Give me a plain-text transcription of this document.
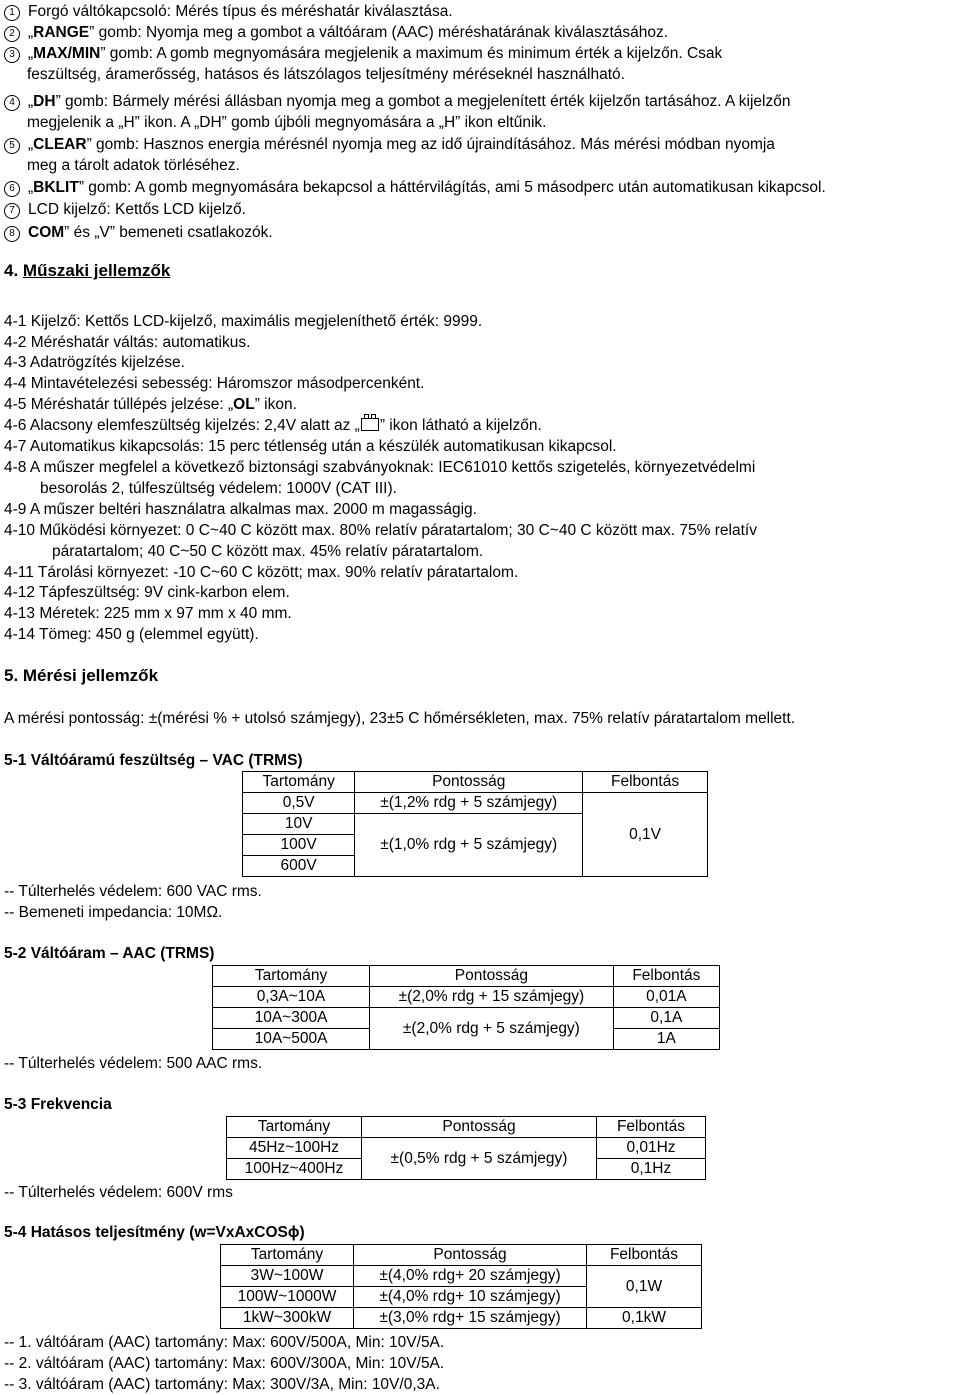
1 Forgó váltókapcsoló: Mérés típus és méréshatár kiválasztása.
2 „RANGE” gomb: Nyomja meg a gombot a váltóáram (AAC) méréshatárának kiválasztásához.
3 „MAX/MIN” gomb: A gomb megnyomására megjelenik a maximum és minimum érték a kijelzőn. Csak
feszültség, áramerősség, hatásos és látszólagos teljesítmény méréseknél használható.
4 „DH” gomb: Bármely mérési állásban nyomja meg a gombot a megjelenített érték kijelzőn tartásához. A kijelzőn
megjelenik a „H” ikon. A „DH” gomb újbóli megnyomására a „H” ikon eltűnik.
5 „CLEAR” gomb: Hasznos energia mérésnél nyomja meg az idő újraindításához. Más mérési módban nyomja
meg a tárolt adatok törléséhez.
6 „BKLIT” gomb: A gomb megnyomására bekapcsol a háttérvilágítás, ami 5 másodperc után automatikusan kikapcsol.
7 LCD kijelző: Kettős LCD kijelző.
8 COM” és „V” bemeneti csatlakozók.
4. Műszaki jellemzők
4-1 Kijelző: Kettős LCD-kijelző, maximális megjeleníthető érték: 9999.
4-2 Méréshatár váltás: automatikus.
4-3 Adatrögzítés kijelzése.
4-4 Mintavételezési sebesség: Háromszor másodpercenként.
4-5 Méréshatár túllépés jelzése: „OL” ikon.
4-6 Alacsony elemfeszültség kijelzés: 2,4V alatt az „ ” ikon látható a kijelzőn.
4-7 Automatikus kikapcsolás: 15 perc tétlenség után a készülék automatikusan kikapcsol.
4-8 A műszer megfelel a következő biztonsági szabványoknak: IEC61010 kettős szigetelés, környezetvédelmi
besorolás 2, túlfeszültség védelem: 1000V (CAT III).
4-9 A műszer beltéri használatra alkalmas max. 2000 m magasságig.
4-10 Működési környezet: 0 C~40 C között max. 80% relatív páratartalom; 30 C~40 C között max. 75% relatív
páratartalom; 40 C~50 C között max. 45% relatív páratartalom.
4-11 Tárolási környezet: -10 C~60 C között; max. 90% relatív páratartalom.
4-12 Tápfeszültség: 9V cink-karbon elem.
4-13 Méretek: 225 mm x 97 mm x 40 mm.
4-14 Tömeg: 450 g (elemmel együtt).
5. Mérési jellemzők
A mérési pontosság: ±(mérési % + utolsó számjegy), 23±5 C hőmérsékleten, max. 75% relatív páratartalom mellett.
5-1 Váltóáramú feszültség – VAC (TRMS)
Tartomány	Pontosság	Felbontás
0,5V	±(1,2% rdg + 5 számjegy)	0,1V
10V	±(1,0% rdg + 5 számjegy)	
100V		
600V		
-- Túlterhelés védelem: 600 VAC rms.
-- Bemeneti impedancia: 10MΩ.
5-2 Váltóáram – AAC (TRMS)
Tartomány	Pontosság	Felbontás
0,3A~10A	±(2,0% rdg + 15 számjegy)	0,01A
10A~300A	±(2,0% rdg + 5 számjegy)	0,1A
10A~500A		1A
-- Túlterhelés védelem: 500 AAC rms.
5-3 Frekvencia
Tartomány	Pontosság	Felbontás
45Hz~100Hz	±(0,5% rdg + 5 számjegy)	0,01Hz
100Hz~400Hz		0,1Hz
-- Túlterhelés védelem: 600V rms
5-4 Hatásos teljesítmény (w=VxAxCOSɸ)
Tartomány	Pontosság	Felbontás
3W~100W	±(4,0% rdg+ 20 számjegy)	0,1W
100W~1000W	±(4,0% rdg+ 10 számjegy)	
1kW~300kW	±(3,0% rdg+ 15 számjegy)	0,1kW
-- 1. váltóáram (AAC) tartomány: Max: 600V/500A, Min: 10V/5A.
-- 2. váltóáram (AAC) tartomány: Max: 600V/300A, Min: 10V/5A.
-- 3. váltóáram (AAC) tartomány: Max: 300V/3A, Min: 10V/0,3A.
